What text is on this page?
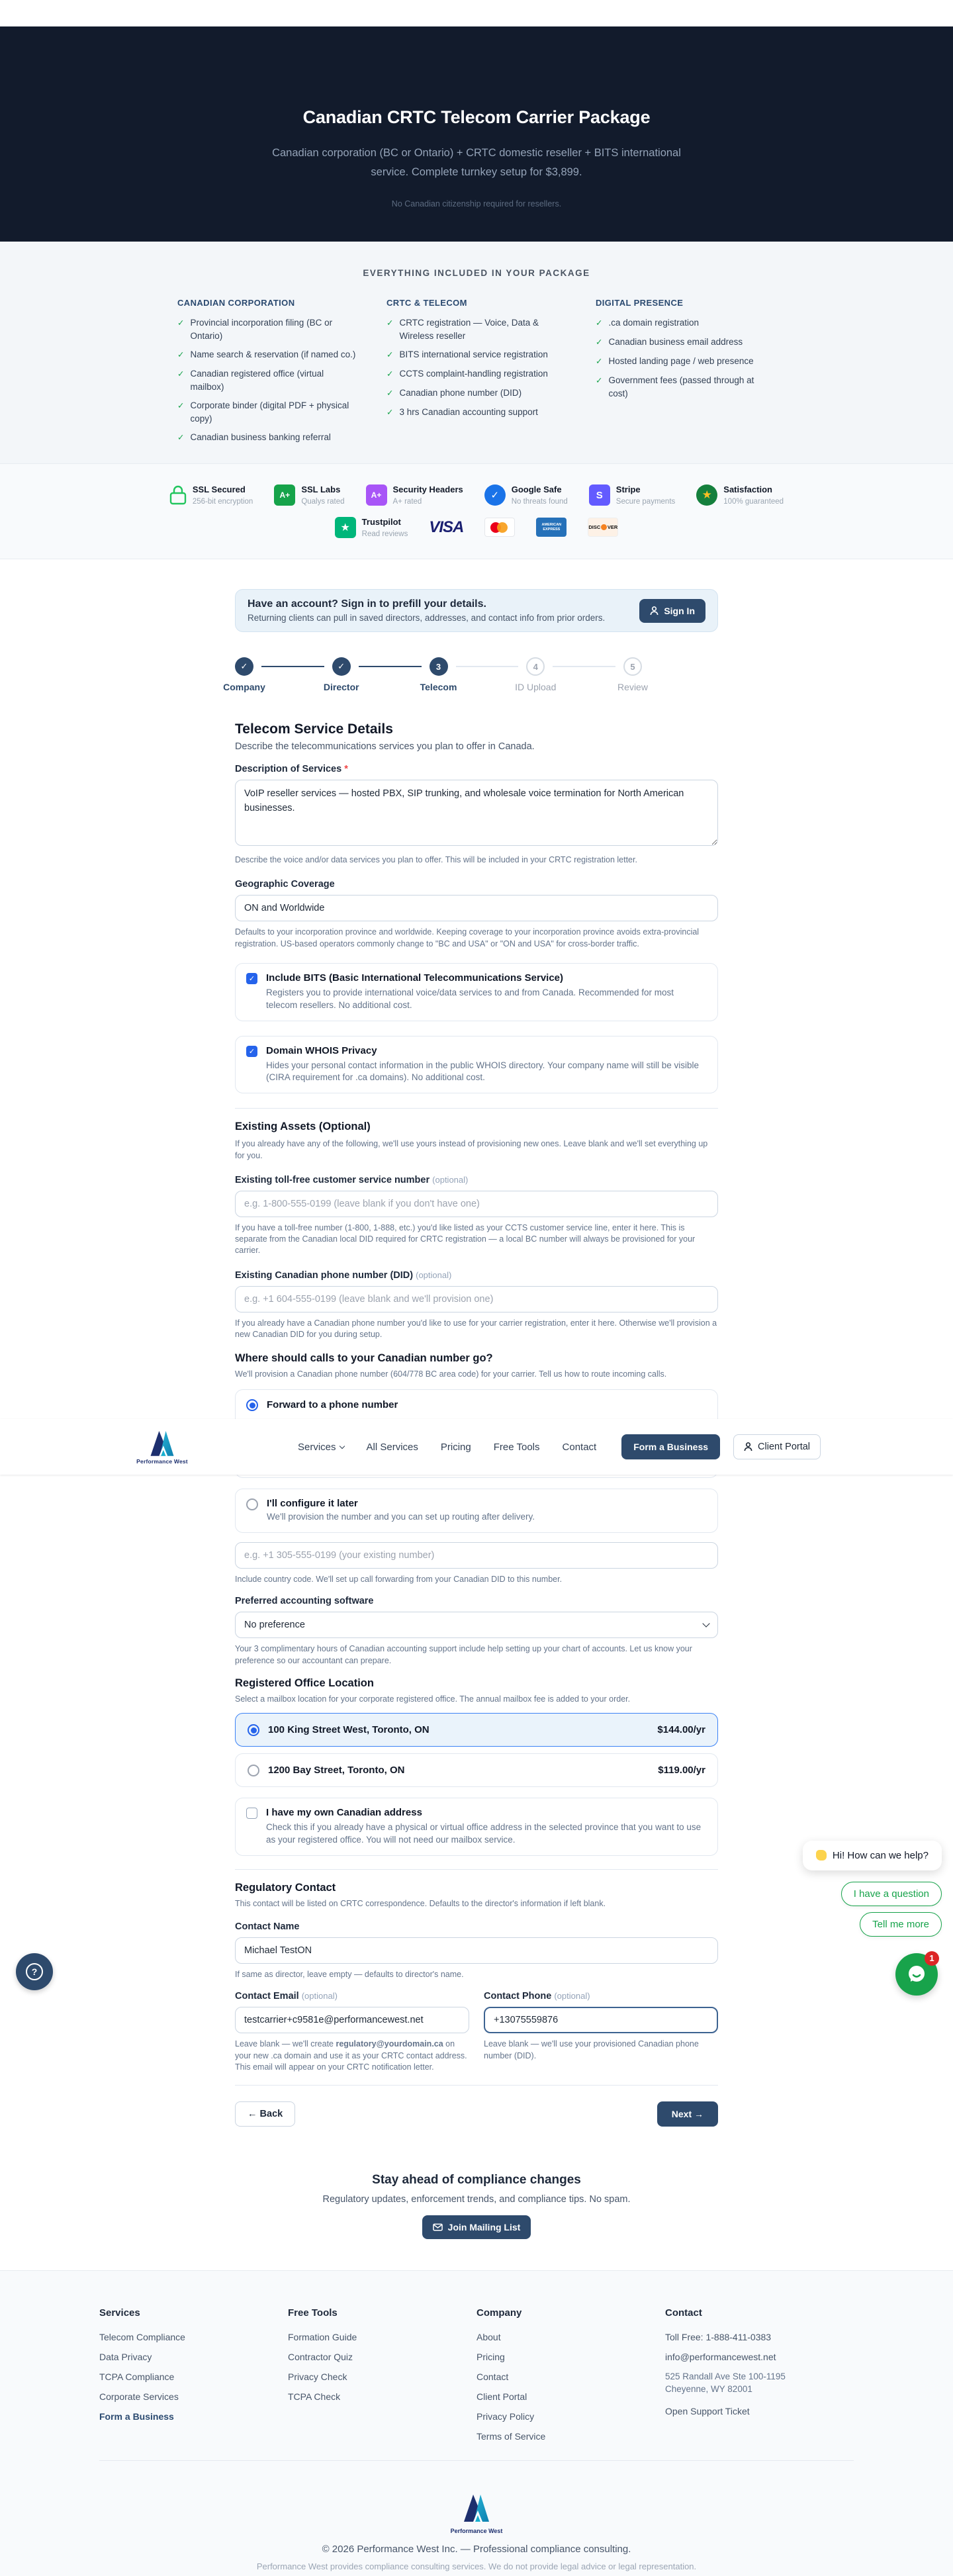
Canadian CRTC Telecom Carrier Package
Canadian corporation (BC or Ontario) + CRTC domestic reseller + BITS international service. Complete turnkey setup for $3,899.
No Canadian citizenship required for resellers.
EVERYTHING INCLUDED IN YOUR PACKAGE
CANADIAN CORPORATION
✓ Provincial incorporation filing (BC or Ontario)
✓ Name search & reservation (if named co.)
✓ Canadian registered office (virtual mailbox)
✓ Corporate binder (digital PDF + physical copy)
✓ Canadian business banking referral
CRTC & TELECOM
✓ CRTC registration — Voice, Data & Wireless reseller
✓ BITS international service registration
✓ CCTS complaint-handling registration
✓ Canadian phone number (DID)
✓ 3 hrs Canadian accounting support
DIGITAL PRESENCE
✓ .ca domain registration
✓ Canadian business email address
✓ Hosted landing page / web presence
✓ Government fees (passed through at cost)
SSL Secured
256-bit encryption
A+
SSL Labs
Qualys rated
A+
Security Headers
A+ rated
✓
Google Safe
No threats found
S	Stripe
Secure payments
★	Satisfaction
100% guaranteed
★
Trustpilot
Read reviews VISA	AMERICAN
EXPRESS	DISC VER
Have an account? Sign in to prefill your details.
Returning clients can pull in saved directors, addresses, and contact info from prior orders.
Sign In
✓	✓	3	4	5
Company	Director	Telecom	ID Upload	Review
Telecom Service Details
Describe the telecommunications services you plan to offer in Canada.
Description of Services *
VoIP reseller services — hosted PBX, SIP trunking, and wholesale voice termination for North American businesses.
Describe the voice and/or data services you plan to offer. This will be included in your CRTC registration letter.
Geographic Coverage
ON and Worldwide
Defaults to your incorporation province and worldwide. Keeping coverage to your incorporation province avoids extra-provincial registration. US-based operators commonly change to "BC and USA" or "ON and USA" for cross-border traffic.
✓ Include BITS (Basic International Telecommunications Service)
Registers you to provide international voice/data services to and from Canada. Recommended for most telecom resellers. No additional cost.
✓ Domain WHOIS Privacy
Hides your personal contact information in the public WHOIS directory. Your company name will still be visible (CIRA requirement for .ca domains). No additional cost.
Existing Assets (Optional)
If you already have any of the following, we'll use yours instead of provisioning new ones. Leave blank and we'll set everything up for you.
Existing toll-free customer service number (optional)
e.g. 1-800-555-0199 (leave blank if you don't have one)
If you have a toll-free number (1-800, 1-888, etc.) you'd like listed as your CCTS customer service line, enter it here. This is separate from the Canadian local DID required for CRTC registration — a local BC number will always be provisioned for your carrier.
Existing Canadian phone number (DID) (optional)
e.g. +1 604-555-0199 (leave blank and we'll provision one)
If you already have a Canadian phone number you'd like to use for your carrier registration, enter it here. Otherwise we'll provision a new Canadian DID for you during setup.
Where should calls to your Canadian number go?
We'll provision a Canadian phone number (604/778 BC area code) for your carrier. Tell us how to route incoming calls.
Forward to a phone number
Performance West
Services	All Services Pricing Free Tools Contact	Form a Business	Client Portal
I'll configure it later
We'll provision the number and you can set up routing after delivery.
e.g. +1 305-555-0199 (your existing number)
Include country code. We'll set up call forwarding from your Canadian DID to this number.
Preferred accounting software
No preference
Your 3 complimentary hours of Canadian accounting support include help setting up your chart of accounts. Let us know your preference so our accountant can prepare.
Registered Office Location
Select a mailbox location for your corporate registered office. The annual mailbox fee is added to your order.
100 King Street West, Toronto, ON	$144.00/yr
1200 Bay Street, Toronto, ON	$119.00/yr
I have my own Canadian address
Check this if you already have a physical or virtual office address in the selected province that you want to use as your registered office. You will not need our mailbox service.
Regulatory Contact
This contact will be listed on CRTC correspondence. Defaults to the director's information if left blank.
Contact Name
Michael TestON
If same as director, leave empty — defaults to director's name.
Contact Email (optional)
testcarrier+c9581e@performancewest.net
Leave blank — we'll create regulatory@yourdomain.ca on your new .ca domain and use it as your CRTC contact address. This email will appear on your CRTC notification letter.
Contact Phone (optional)
+13075559876
Leave blank — we'll use your provisioned Canadian phone number (DID).
Hi! How can we help?
I have a question
Tell me more
1
?
← Back	Next →
Stay ahead of compliance changes
Regulatory updates, enforcement trends, and compliance tips. No spam.
Join Mailing List
Services
Telecom Compliance
Data Privacy
TCPA Compliance
Corporate Services
Form a Business
Free Tools
Formation Guide
Contractor Quiz
Privacy Check
TCPA Check
Company
About
Pricing
Contact
Client Portal
Privacy Policy
Terms of Service
Contact
Toll Free: 1-888-411-0383
info@performancewest.net
525 Randall Ave Ste 100-1195
Cheyenne, WY 82001
Open Support Ticket
Performance West
© 2026 Performance West Inc. — Professional compliance consulting.
Performance West provides compliance consulting services. We do not provide legal advice or legal representation.
